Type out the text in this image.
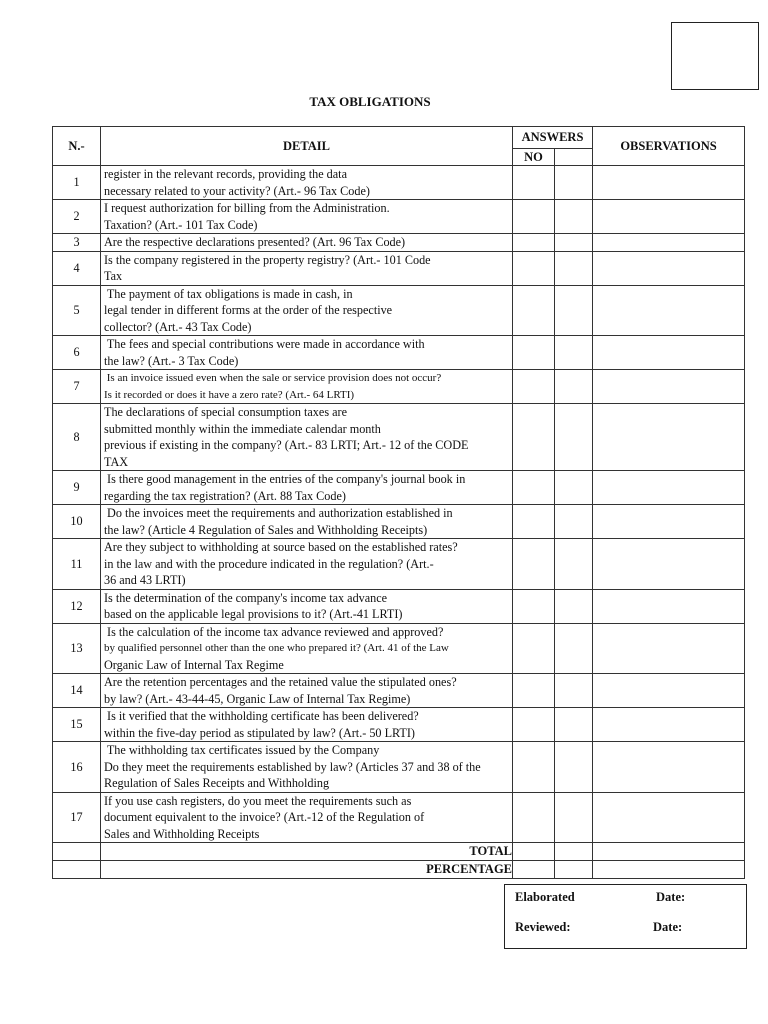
TAX OBLIGATIONS
N.-	DETAIL	ANSWERS		OBSERVATIONS
		NO		
1	register in the relevant records, providing the data
necessary related to your activity? (Art.- 96 Tax Code)			

2	I request authorization for billing from the Administration.
Taxation? (Art.- 101 Tax Code)			

3	Are the respective declarations presented? (Art. 96 Tax Code)			

4	Is the company registered in the property registry? (Art.- 101 Code
Tax			

5	The payment of tax obligations is made in cash, in
legal tender in different forms at the order of the respective
collector? (Art.- 43 Tax Code)			

6	The fees and special contributions were made in accordance with
the law? (Art.- 3 Tax Code)			

7	Is an invoice issued even when the sale or service provision does not occur?
Is it recorded or does it have a zero rate? (Art.- 64 LRTI)			

8	The declarations of special consumption taxes are
submitted monthly within the immediate calendar month
previous if existing in the company? (Art.- 83 LRTI; Art.- 12 of the CODE
TAX			

9	Is there good management in the entries of the company's journal book in
regarding the tax registration? (Art. 88 Tax Code)			

10	Do the invoices meet the requirements and authorization established in
the law? (Article 4 Regulation of Sales and Withholding Receipts)			

11	Are they subject to withholding at source based on the established rates?
in the law and with the procedure indicated in the regulation? (Art.-
36 and 43 LRTI)			

12	Is the determination of the company's income tax advance
based on the applicable legal provisions to it? (Art.-41 LRTI)			

13	Is the calculation of the income tax advance reviewed and approved?
by qualified personnel other than the one who prepared it? (Art. 41 of the Law
Organic Law of Internal Tax Regime			

14	Are the retention percentages and the retained value the stipulated ones?
by law? (Art.- 43-44-45, Organic Law of Internal Tax Regime)			

15	Is it verified that the withholding certificate has been delivered?
within the five-day period as stipulated by law? (Art.- 50 LRTI)			

16	The withholding tax certificates issued by the Company
Do they meet the requirements established by law? (Articles 37 and 38 of the
Regulation of Sales Receipts and Withholding			

17	If you use cash registers, do you meet the requirements such as
document equivalent to the invoice? (Art.-12 of the Regulation of
Sales and Withholding Receipts			

	TOTAL			
	PERCENTAGE			
Elaborated	Date:
Reviewed:	Date:
